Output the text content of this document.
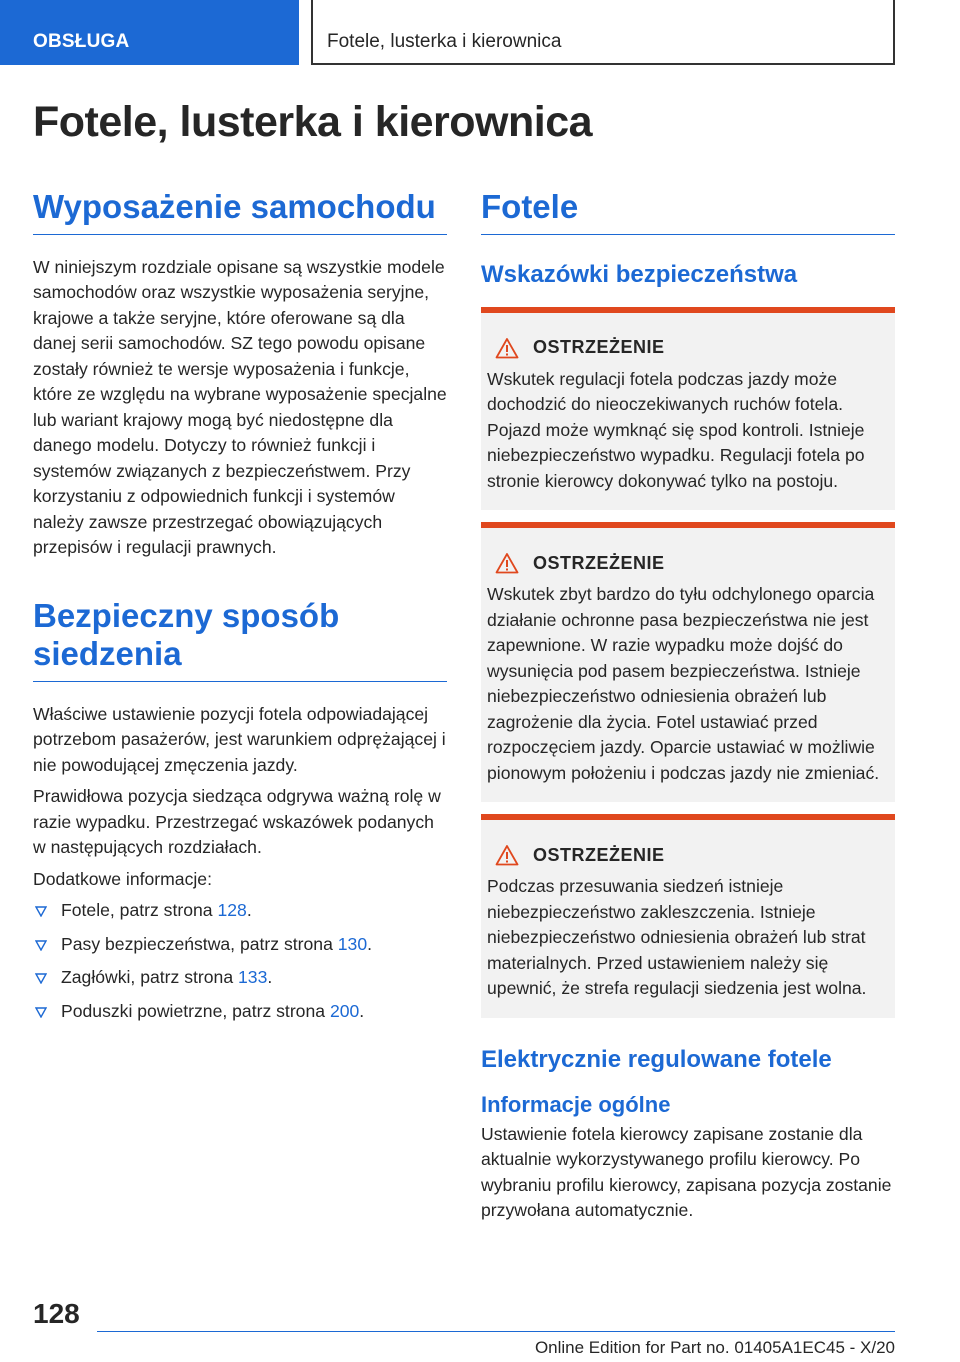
OBSŁUGA	Fotele, lusterka i kierownica
Fotele, lusterka i kierownica
Wyposażenie samochodu

W niniejszym rozdziale opisane są wszystkie modele samochodów oraz wszystkie wyposażenia seryjne, krajowe a także seryjne, które oferowane są dla danej serii samochodów. SZ tego powodu opisane zostały również te wersje wyposażenia i funkcje, które ze względu na wybrane wyposażenie specjalne lub wariant krajowy mogą być niedostępne dla danego modelu. Dotyczy to również funkcji i systemów związanych z bezpieczeństwem. Przy korzystaniu z odpowiednich funkcji i systemów należy zawsze przestrzegać obowiązujących przepisów i regulacji prawnych.

Bezpieczny sposób siedzenia

Właściwe ustawienie pozycji fotela odpowiadającej potrzebom pasażerów, jest warunkiem odprężającej i nie powodującej zmęczenia jazdy.

Prawidłowa pozycja siedząca odgrywa ważną rolę w razie wypadku. Przestrzegać wskazówek podanych w następujących rozdziałach.

Dodatkowe informacje:

Fotele, patrz strona 128.
Pasy bezpieczeństwa, patrz strona 130.
Zagłówki, patrz strona 133.
Poduszki powietrzne, patrz strona 200.
Fotele
Wskazówki bezpieczeństwa
OSTRZEŻENIE

Wskutek regulacji fotela podczas jazdy może dochodzić do nieoczekiwanych ruchów fotela. Pojazd może wymknąć się spod kontroli. Istnieje niebezpieczeństwo wypadku. Regulacji fotela po stronie kierowcy dokonywać tylko na postoju.

OSTRZEŻENIE

Wskutek zbyt bardzo do tyłu odchylonego oparcia działanie ochronne pasa bezpieczeństwa nie jest zapewnione. W razie wypadku może dojść do wysunięcia pod pasem bezpieczeństwa. Istnieje niebezpieczeństwo odniesienia obrażeń lub zagrożenie dla życia. Fotel ustawiać przed rozpoczęciem jazdy. Oparcie ustawiać w możliwie pionowym położeniu i podczas jazdy nie zmieniać.

OSTRZEŻENIE

Podczas przesuwania siedzeń istnieje niebezpieczeństwo zakleszczenia. Istnieje niebezpieczeństwo odniesienia obrażeń lub strat materialnych. Przed ustawieniem należy się upewnić, że strefa regulacji siedzenia jest wolna.

Elektrycznie regulowane fotele
Informacje ogólne

Ustawienie fotela kierowcy zapisane zostanie dla aktualnie wykorzystywanego profilu kierowcy. Po wybraniu profilu kierowcy, zapisana pozycja zostanie przywołana automatycznie.

128
Online Edition for Part no. 01405A1EC45 - X/20
